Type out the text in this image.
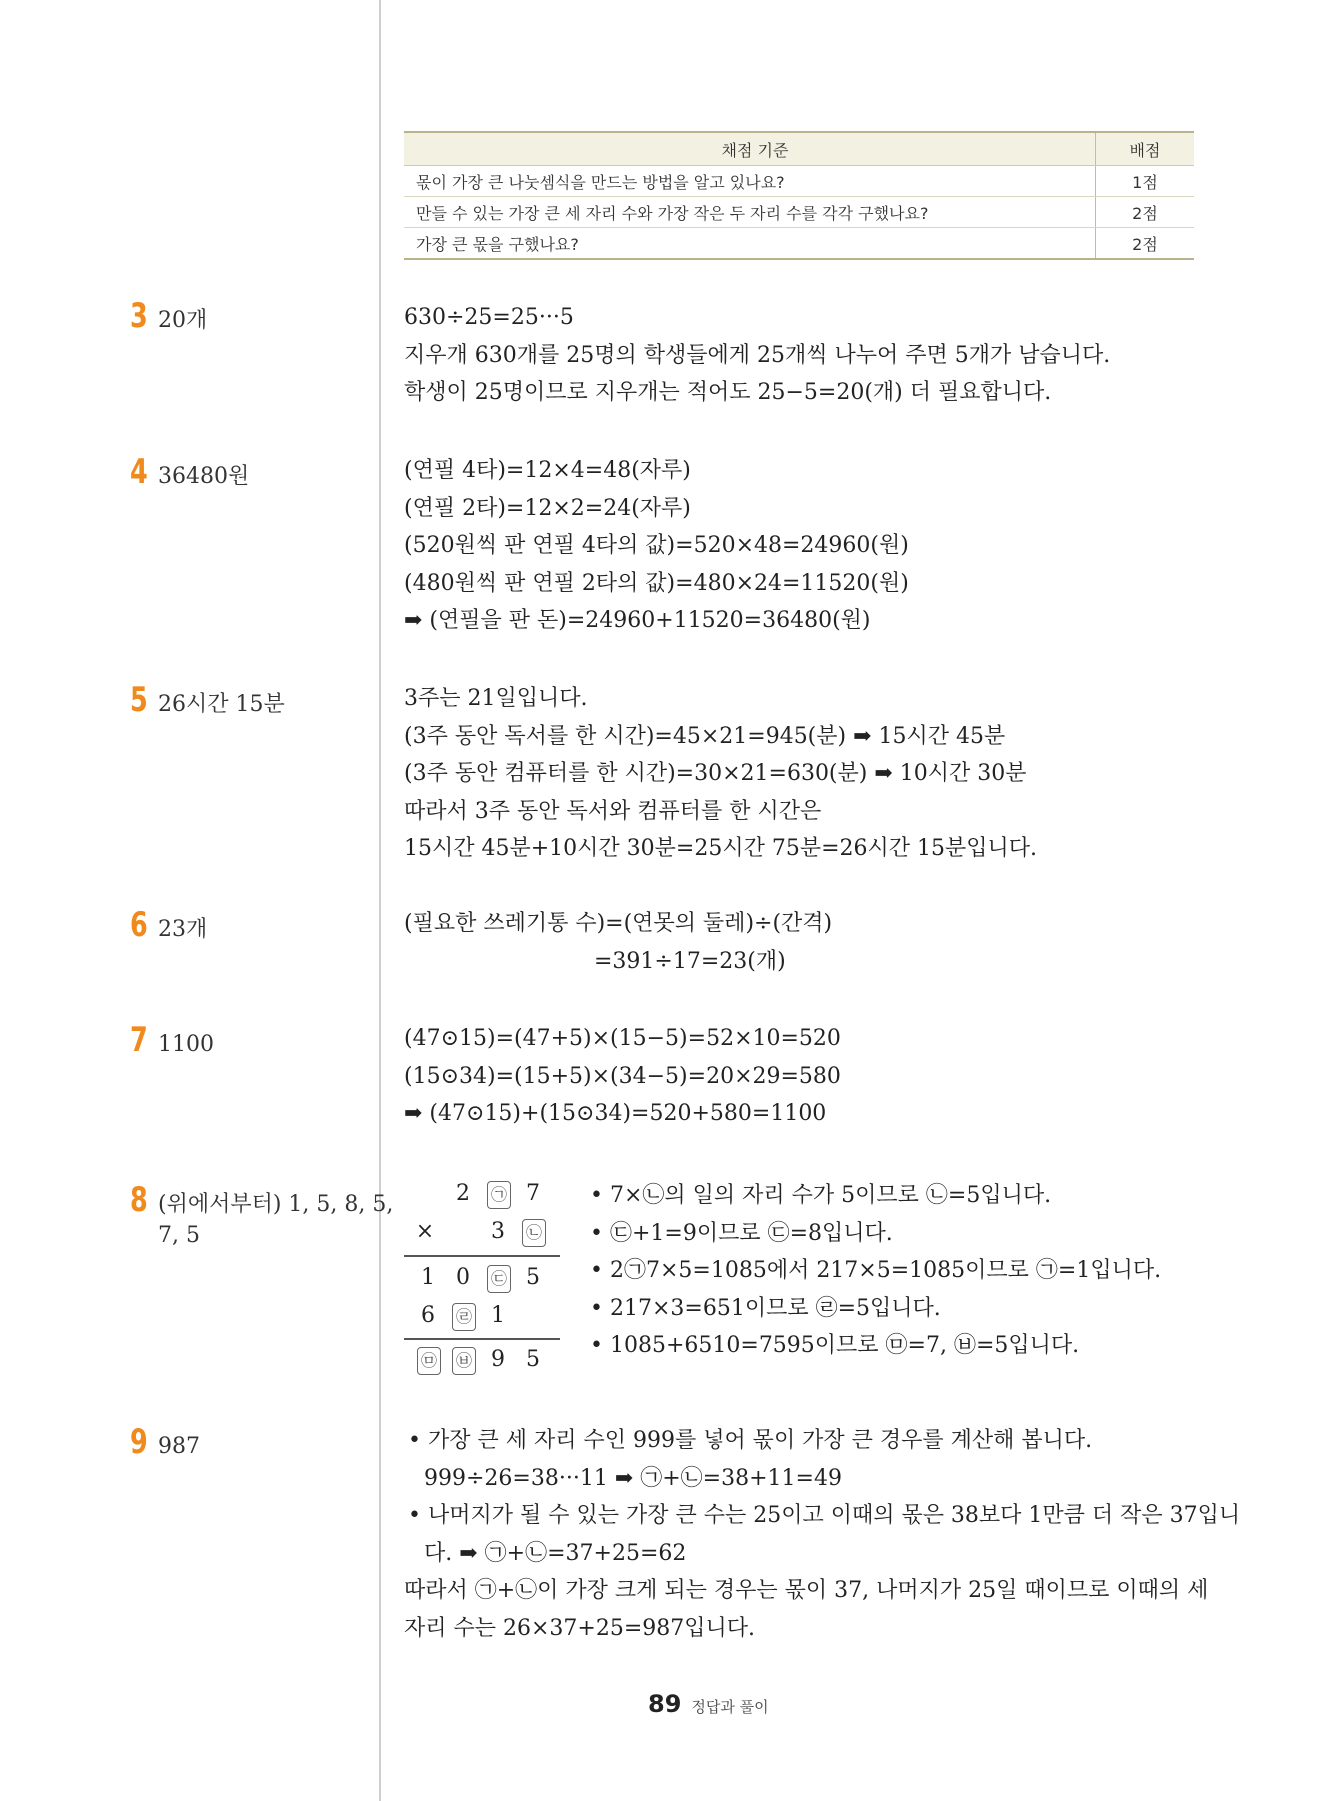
채점 기준	배점
몫이 가장 큰 나눗셈식을 만드는 방법을 알고 있나요?	1점
만들 수 있는 가장 큰 세 자리 수와 가장 작은 두 자리 수를 각각 구했나요?	2점
가장 큰 몫을 구했나요?	2점
3 20개	630÷25=25···5
지우개 630개를 25명의 학생들에게 25개씩 나누어 주면 5개가 남습니다.
학생이 25명이므로 지우개는 적어도 25−5=20(개) 더 필요합니다.
4 36480원	(연필 4타)=12×4=48(자루)
(연필 2타)=12×2=24(자루)
(520원씩 판 연필 4타의 값)=520×48=24960(원)
(480원씩 판 연필 2타의 값)=480×24=11520(원)
➡ (연필을 판 돈)=24960+11520=36480(원)
5 26시간 15분	3주는 21일입니다.
(3주 동안 독서를 한 시간)=45×21=945(분) ➡ 15시간 45분
(3주 동안 컴퓨터를 한 시간)=30×21=630(분) ➡ 10시간 30분
따라서 3주 동안 독서와 컴퓨터를 한 시간은
15시간 45분+10시간 30분=25시간 75분=26시간 15분입니다.
6 23개	(필요한 쓰레기통 수)=(연못의 둘레)÷(간격)
=391÷17=23(개)
7 1100	(47⊙15)=(47+5)×(15−5)=52×10=520
(15⊙34)=(15+5)×(34−5)=20×29=580
➡ (47⊙15)+(15⊙34)=520+580=1100
8 (위에서부터) 1, 5, 8, 5,
7, 5
2 ㉠ 7
×	3 ㉡
1 0 ㉢ 5
6 ㉣ 1
㉤ ㉥ 9 5
• 7×㉡의 일의 자리 수가 5이므로 ㉡=5입니다.
• ㉢+1=9이므로 ㉢=8입니다.
• 2㉠7×5=1085에서 217×5=1085이므로 ㉠=1입니다.
• 217×3=651이므로 ㉣=5입니다.
• 1085+6510=7595이므로 ㉤=7, ㉥=5입니다.
9 987	• 가장 큰 세 자리 수인 999를 넣어 몫이 가장 큰 경우를 계산해 봅니다.
999÷26=38···11 ➡ ㉠+㉡=38+11=49
• 나머지가 될 수 있는 가장 큰 수는 25이고 이때의 몫은 38보다 1만큼 더 작은 37입니
다. ➡ ㉠+㉡=37+25=62
따라서 ㉠+㉡이 가장 크게 되는 경우는 몫이 37, 나머지가 25일 때이므로 이때의 세
자리 수는 26×37+25=987입니다.
89 정답과 풀이
